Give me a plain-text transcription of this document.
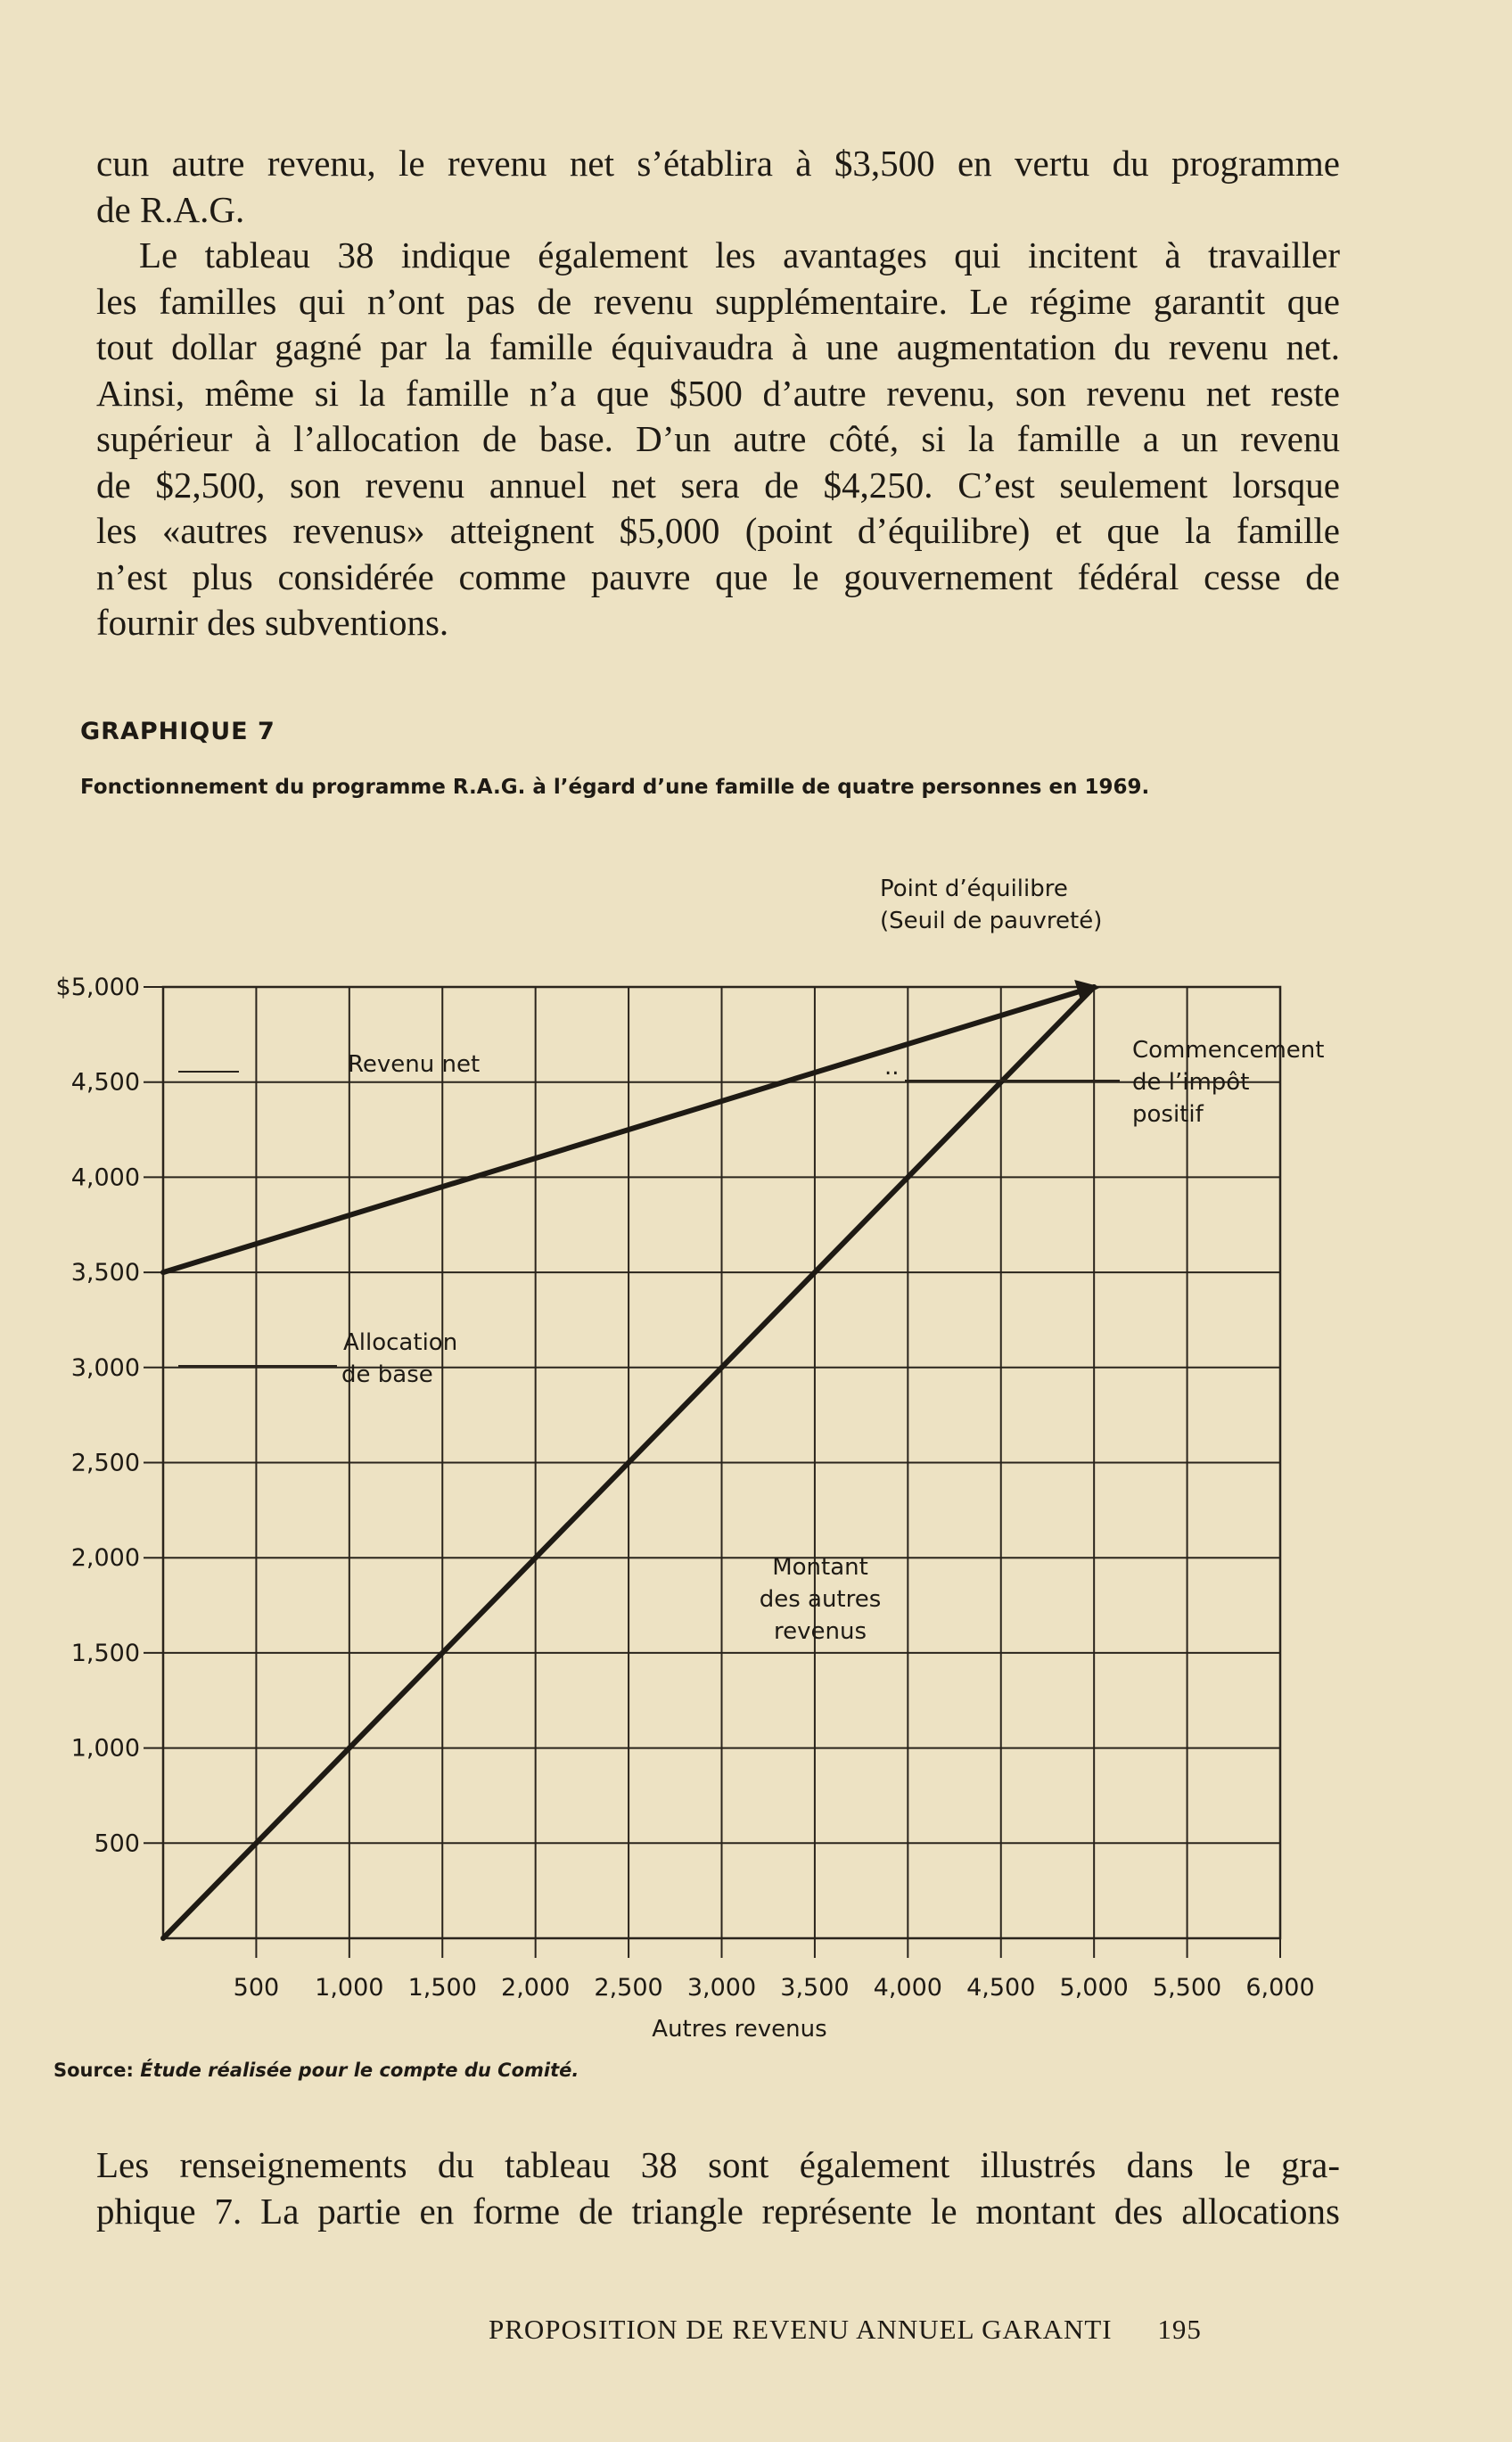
cun autre revenu, le revenu net s’établira à $3,500 en vertu du programme
de R.A.G.

Le tableau 38 indique également les avantages qui incitent à travailler
les familles qui n’ont pas de revenu supplémentaire. Le régime garantit que
tout dollar gagné par la famille équivaudra à une augmentation du revenu net.
Ainsi, même si la famille n’a que $500 d’autre revenu, son revenu net reste
supérieur à l’allocation de base. D’un autre côté, si la famille a un revenu
de $2,500, son revenu annuel net sera de $4,250. C’est seulement lorsque
les «autres revenus» atteignent $5,000 (point d’équilibre) et que la famille
n’est plus considérée comme pauvre que le gouvernement fédéral cesse de
fournir des subventions.

GRAPHIQUE 7
Fonctionnement du programme R.A.G. à l’égard d’une famille de quatre personnes en 1969.
500
1,000
1,500
2,000
2,500
3,000
3,500
4,000
4,500
$5,000
500 1,000 1,500 2,000 2,500 3,000 3,500 4,000 4,500 5,000 5,500 6,000
Autres revenus
Revenu net
Allocation
de base
Montant
des autres
revenus
Point d’équilibre
(Seuil de pauvreté)
Commencement
de l’impôt
positif
..
Source: Étude réalisée pour le compte du Comité.

Les renseignements du tableau 38 sont également illustrés dans le gra-
phique 7. La partie en forme de triangle représente le montant des allocations

PROPOSITION DE REVENU ANNUEL GARANTI 195
